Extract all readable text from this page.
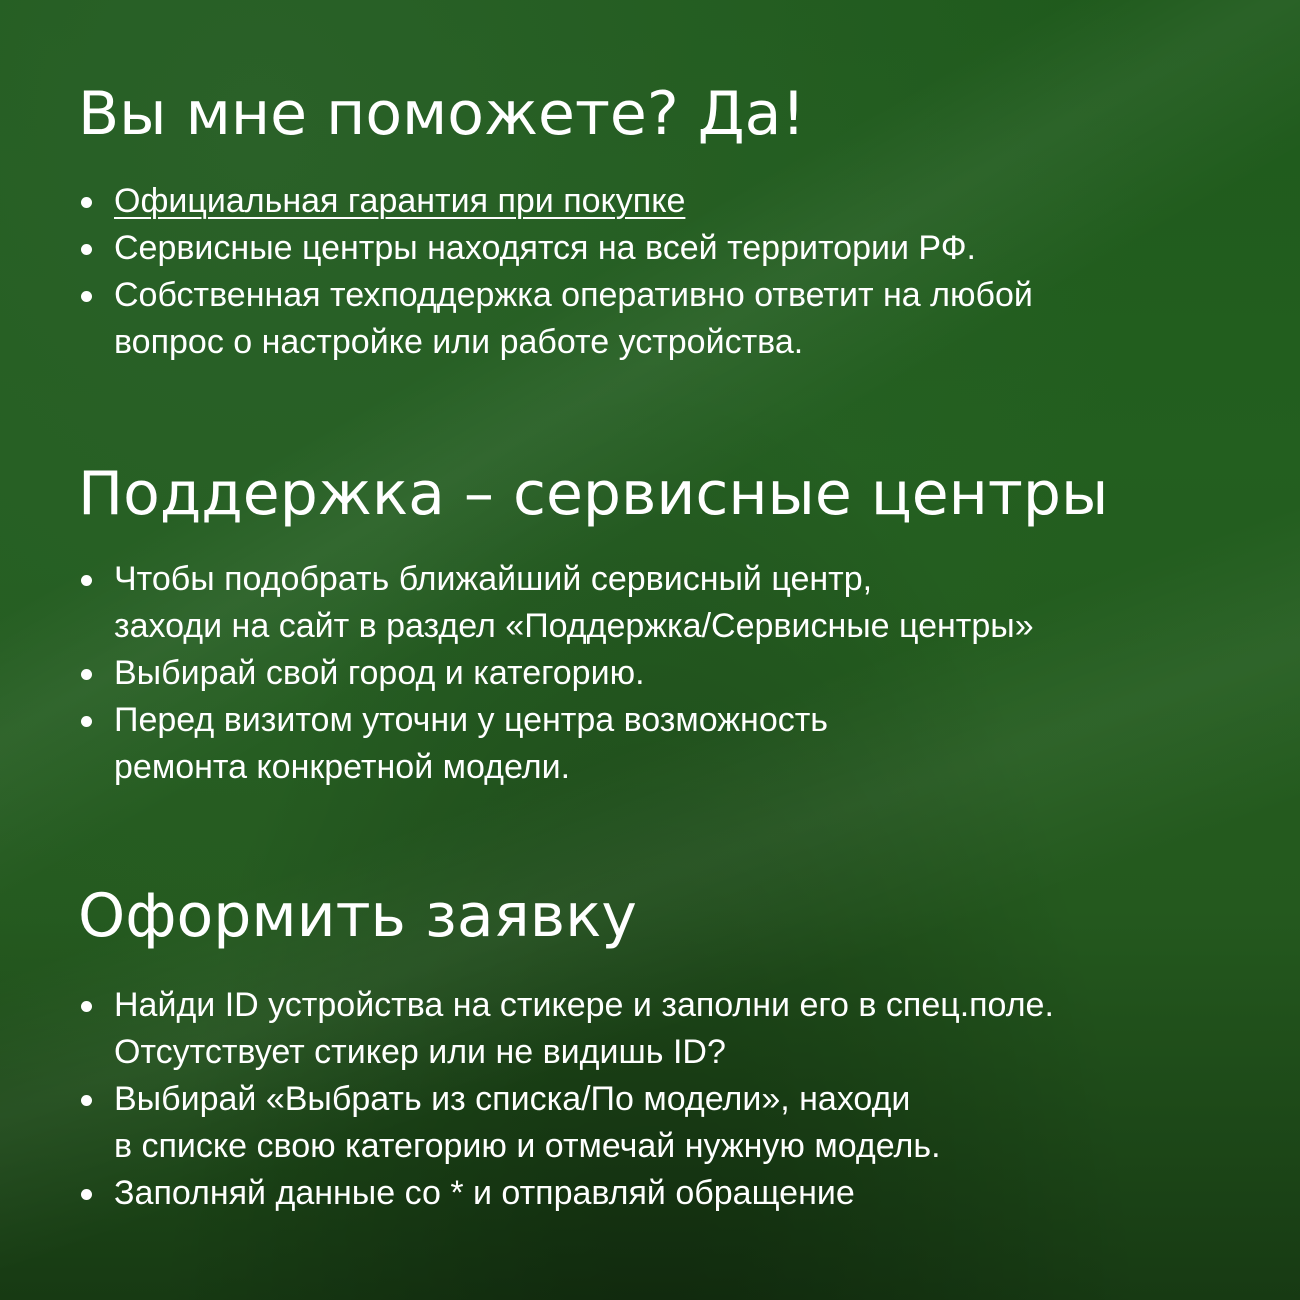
Вы мне поможете? Да!
Официальная гарантия при покупке
Сервисные центры находятся на всей территории РФ.
Собственная техподдержка оперативно ответит на любой
вопрос о настройке или работе устройства.
Поддержка – сервисные центры
Чтобы подобрать ближайший сервисный центр,
заходи на сайт в раздел «Поддержка/Сервисные центры»
Выбирай свой город и категорию.
Перед визитом уточни у центра возможность
ремонта конкретной модели.
Оформить заявку
Найди ID устройства на стикере и заполни его в спец.поле.
Отсутствует стикер или не видишь ID?
Выбирай «Выбрать из списка/По модели», находи
в списке свою категорию и отмечай нужную модель.
Заполняй данные со * и отправляй обращение
